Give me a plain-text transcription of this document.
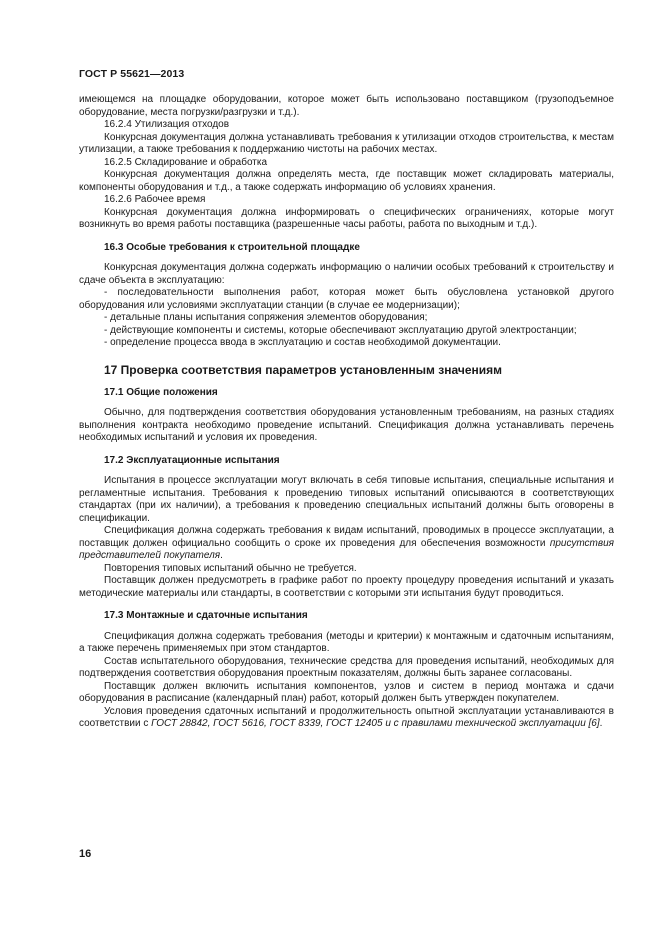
ГОСТ Р 55621—2013

имеющемся на площадке оборудовании, которое может быть использовано поставщиком (грузоподъемное оборудование, места погрузки/разгрузки и т.д.).

16.2.4 Утилизация отходов

Конкурсная документация должна устанавливать требования к утилизации отходов строительства, к местам утилизации, а также требования к поддержанию чистоты на рабочих местах.

16.2.5 Складирование и обработка

Конкурсная документация должна определять места, где поставщик может складировать материалы, компоненты оборудования и т.д., а также содержать информацию об условиях хранения.

16.2.6 Рабочее время

Конкурсная документация должна информировать о специфических ограничениях, которые могут возникнуть во время работы поставщика (разрешенные часы работы, работа по выходным и т.д.).

16.3 Особые требования к строительной площадке

Конкурсная документация должна содержать информацию о наличии особых требований к строительству и сдаче объекта в эксплуатацию:

- последовательности выполнения работ, которая может быть обусловлена установкой другого оборудования или условиями эксплуатации станции (в случае ее модернизации);

- детальные планы испытания сопряжения элементов оборудования;

- действующие компоненты и системы, которые обеспечивают эксплуатацию другой электростанции;

- определение процесса ввода в эксплуатацию и состав необходимой документации.

17 Проверка соответствия параметров установленным значениям
17.1 Общие положения

Обычно, для подтверждения соответствия оборудования установленным требованиям, на разных стадиях выполнения контракта необходимо проведение испытаний. Спецификация должна устанавливать перечень необходимых испытаний и условия их проведения.

17.2 Эксплуатационные испытания

Испытания в процессе эксплуатации могут включать в себя типовые испытания, специальные испытания и регламентные испытания. Требования к проведению типовых испытаний описываются в соответствующих стандартах (при их наличии), а требования к проведению специальных испытаний должны быть оговорены в спецификации.

Спецификация должна содержать требования к видам испытаний, проводимых в процессе эксплуатации, а поставщик должен официально сообщить о сроке их проведения для обеспечения возможности присутствия представителей покупателя.

Повторения типовых испытаний обычно не требуется.

Поставщик должен предусмотреть в графике работ по проекту процедуру проведения испытаний и указать методические материалы или стандарты, в соответствии с которыми эти испытания будут проводиться.

17.3 Монтажные и сдаточные испытания

Спецификация должна содержать требования (методы и критерии) к монтажным и сдаточным испытаниям, а также перечень применяемых при этом стандартов.

Состав испытательного оборудования, технические средства для проведения испытаний, необходимых для подтверждения соответствия оборудования проектным показателям, должны быть заранее согласованы.

Поставщик должен включить испытания компонентов, узлов и систем в период монтажа и сдачи оборудования в расписание (календарный план) работ, который должен быть утвержден покупателем.

Условия проведения сдаточных испытаний и продолжительность опытной эксплуатации устанавливаются в соответствии с ГОСТ 28842, ГОСТ 5616, ГОСТ 8339, ГОСТ 12405 и с правилами технической эксплуатации [6].

16
